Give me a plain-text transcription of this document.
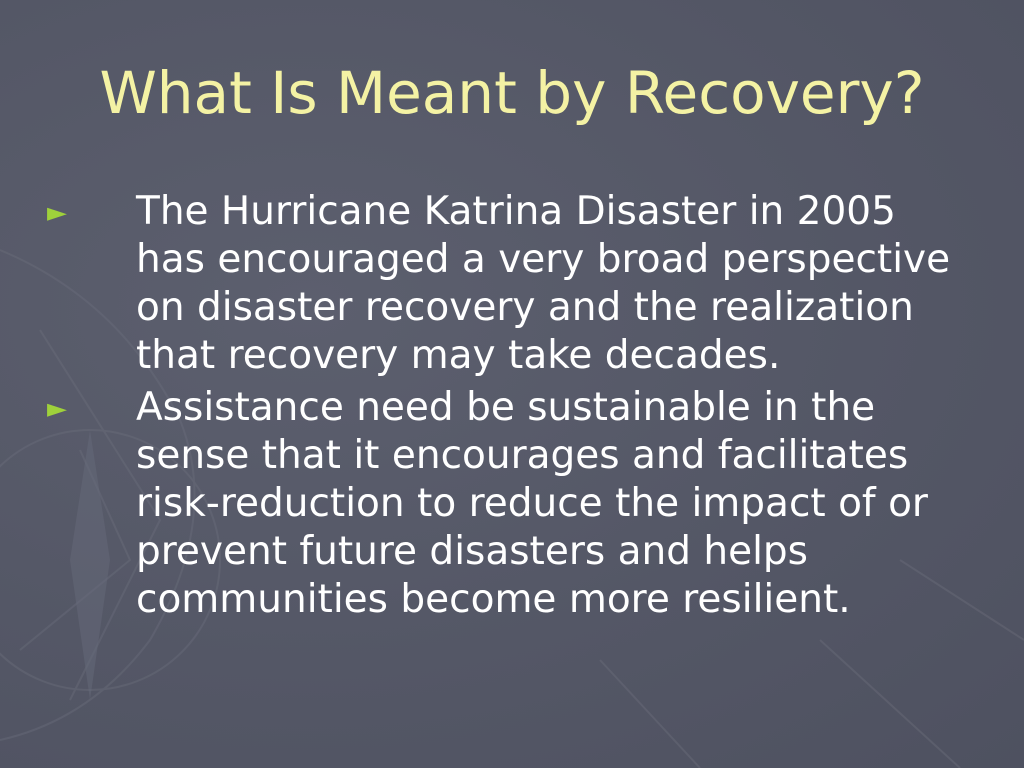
What Is Meant by Recovery?
► The Hurricane Katrina Disaster in 2005
has encouraged a very broad perspective
on disaster recovery and the realization
that recovery may take decades.
► Assistance need be sustainable in the
sense that it encourages and facilitates
risk-reduction to reduce the impact of or
prevent future disasters and helps
communities become more resilient.
